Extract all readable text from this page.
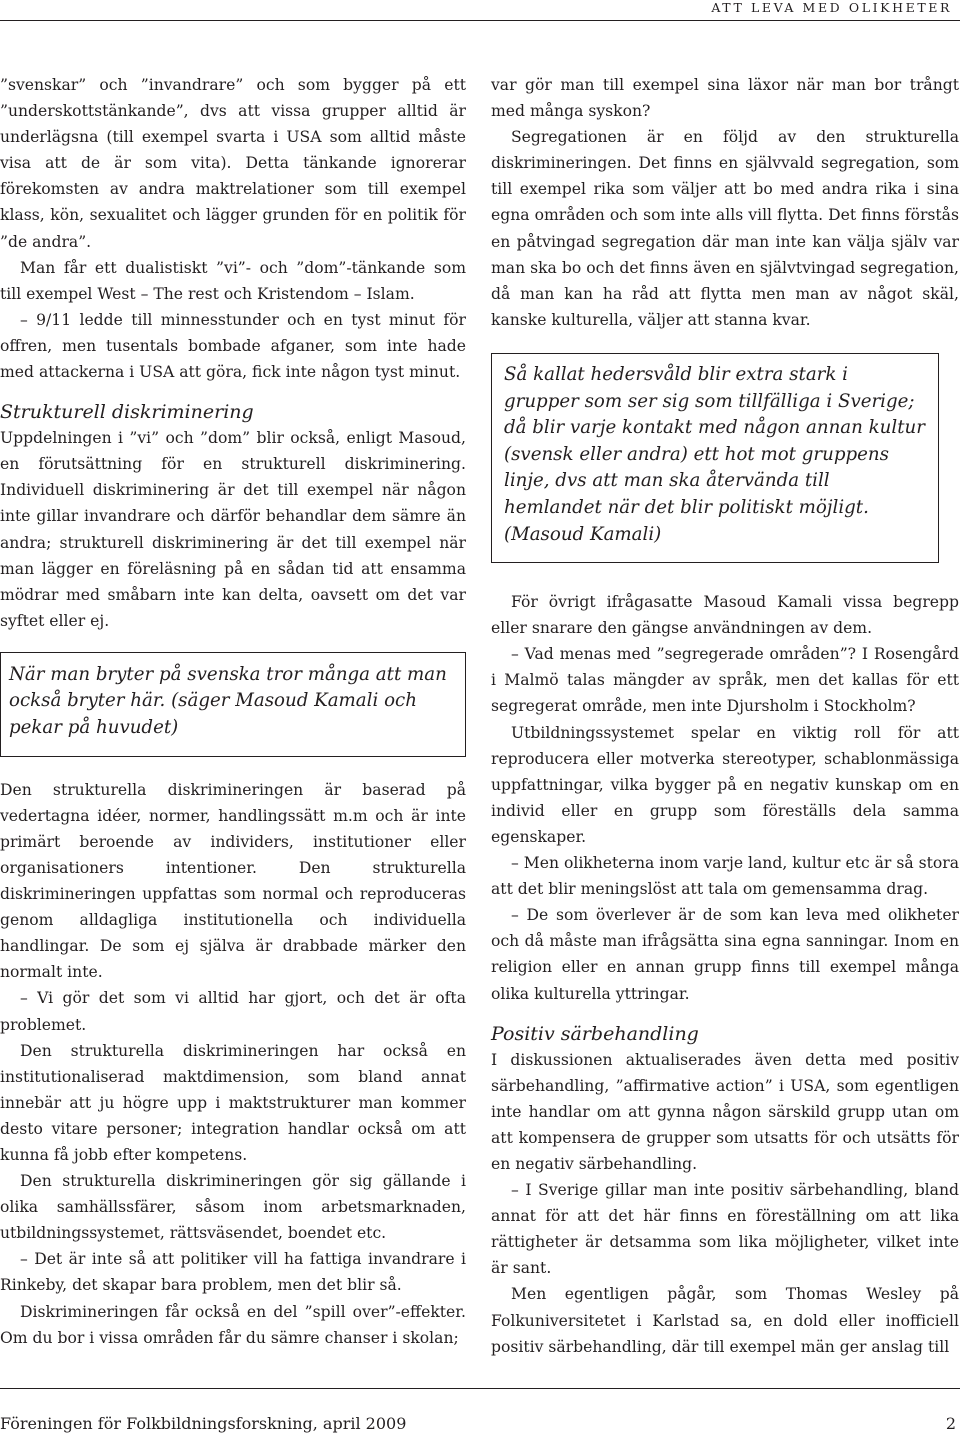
ATT LEVA MED OLIKHETER

”svenskar” och ”invandrare” och som bygger på ett ”underskottstänkande”, dvs att vissa grupper alltid är underlägsna (till exempel svarta i USA som alltid måste visa att de är som vita). Detta tänkande ignorerar förekomsten av andra maktrelationer som till exempel klass, kön, sexualitet och lägger grunden för en politik för ”de andra”.

Man får ett dualistiskt ”vi”- och ”dom”-tänkande som till exempel West – The rest och Kristendom – Islam.

– 9/11 ledde till minnesstunder och en tyst minut för offren, men tusentals bombade afganer, som inte hade med attackerna i USA att göra, fick inte någon tyst minut.

Strukturell diskriminering

Uppdelningen i ”vi” och ”dom” blir också, enligt Masoud, en förutsättning för en strukturell diskriminering. Individuell diskriminering är det till exempel när någon inte gillar invandrare och därför behandlar dem sämre än andra; strukturell diskriminering är det till exempel när man lägger en föreläsning på en sådan tid att ensamma mödrar med småbarn inte kan delta, oavsett om det var syftet eller ej.

När man bryter på svenska tror många att man också bryter här. (säger Masoud Kamali och pekar på huvudet)

Den strukturella diskrimineringen är baserad på vedertagna idéer, normer, handlingssätt m.m och är inte primärt beroende av individers, institutioner eller organisationers intentioner. Den strukturella diskrimineringen uppfattas som normal och reproduceras genom alldagliga institutionella och individuella handlingar. De som ej själva är drabbade märker den normalt inte.

– Vi gör det som vi alltid har gjort, och det är ofta problemet.

Den strukturella diskrimineringen har också en institutionaliserad maktdimension, som bland annat innebär att ju högre upp i maktstrukturer man kommer desto vitare personer; integration handlar också om att kunna få jobb efter kompetens.

Den strukturella diskrimineringen gör sig gällande i olika samhällssfärer, såsom inom arbetsmarknaden, utbildningssystemet, rättsväsendet, boendet etc.

– Det är inte så att politiker vill ha fattiga invandrare i Rinkeby, det skapar bara problem, men det blir så.

Diskrimineringen får också en del ”spill over”-effekter. Om du bor i vissa områden får du sämre chanser i skolan;

var gör man till exempel sina läxor när man bor trångt med många syskon?

Segregationen är en följd av den strukturella diskrimineringen. Det finns en självvald segregation, som till exempel rika som väljer att bo med andra rika i sina egna områden och som inte alls vill flytta. Det finns förstås en påtvingad segregation där man inte kan välja själv var man ska bo och det finns även en självtvingad segregation, då man kan ha råd att flytta men man av något skäl, kanske kulturella, väljer att stanna kvar.

Så kallat hedersvåld blir extra stark i grupper som ser sig som tillfälliga i Sverige; då blir varje kontakt med någon annan kultur (svensk eller andra) ett hot mot gruppens linje, dvs att man ska återvända till hemlandet när det blir politiskt möjligt. (Masoud Kamali)

För övrigt ifrågasatte Masoud Kamali vissa begrepp eller snarare den gängse användningen av dem.

– Vad menas med ”segregerade områden”? I Rosengård i Malmö talas mängder av språk, men det kallas för ett segregerat område, men inte Djursholm i Stockholm?

Utbildningssystemet spelar en viktig roll för att reproducera eller motverka stereotyper, schablonmässiga uppfattningar, vilka bygger på en negativ kunskap om en individ eller en grupp som föreställs dela samma egenskaper.

– Men olikheterna inom varje land, kultur etc är så stora att det blir meningslöst att tala om gemensamma drag.

– De som överlever är de som kan leva med olikheter och då måste man ifrågsätta sina egna sanningar. Inom en religion eller en annan grupp finns till exempel många olika kulturella yttringar.

Positiv särbehandling

I diskussionen aktualiserades även detta med positiv särbehandling, ”affirmative action” i USA, som egentligen inte handlar om att gynna någon särskild grupp utan om att kompensera de grupper som utsatts för och utsätts för en negativ särbehandling.

– I Sverige gillar man inte positiv särbehandling, bland annat för att det här finns en föreställning om att lika rättigheter är detsamma som lika möjligheter, vilket inte är sant.

Men egentligen pågår, som Thomas Wesley på Folkuniversitetet i Karlstad sa, en dold eller inofficiell positiv särbehandling, där till exempel män ger anslag till

Föreningen för Folkbildningsforskning, april 2009	2
